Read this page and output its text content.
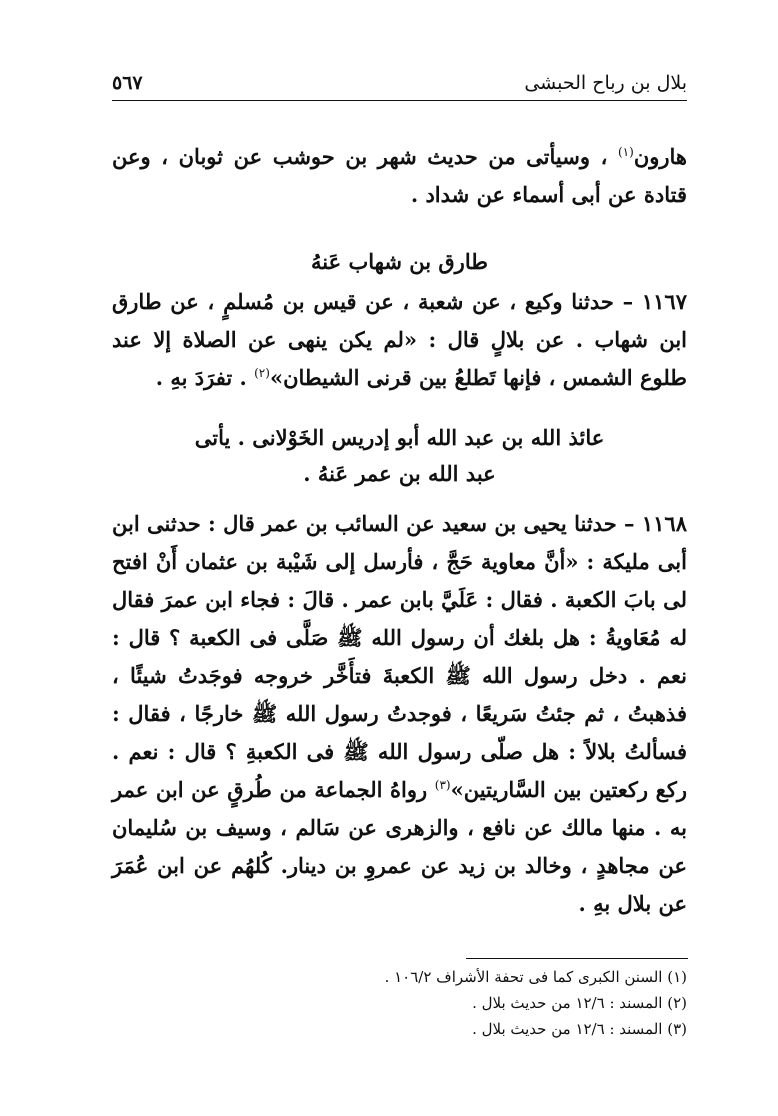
بلال بن رباح الحبشى
٥٦٧
هارون$^{(١)}$ ، وسيأتى من حديث شهر بن حوشب عن ثوبان ، وعن قتادة عن أبى أسماء عن شداد .
طارق بن شهاب عَنهُ
١١٦٧ – حدثنا وكيع ، عن شعبة ، عن قيس بن مُسلمٍ ، عن طارق ابن شهاب . عن بلالٍ قال : «لم يكن ينهى عن الصلاة إلا عند طلوع الشمس ، فإنها تَطلعُ بين قرنى الشيطان»$^{(٢)}$ . تفرَدَ بهِ .
عائذ الله بن عبد الله أبو إدريس الخَوْلانى . يأتى
عبد الله بن عمر عَنهُ .
١١٦٨ – حدثنا يحيى بن سعيد عن السائب بن عمر قال : حدثنى ابن أبى مليكة : «أنَّ معاوية حَجَّ ، فأرسل إلى شَيْبة بن عثمان أَنْ افتح لى بابَ الكعبة . فقال : عَلَيَّ بابن عمر . قالَ : فجاء ابن عمرَ فقال له مُعَاويةُ : هل بلغك أن رسول الله ﷺ صَلَّى فى الكعبة ؟ قال : نعم . دخل رسول الله ﷺ الكعبةَ فتأَخَّر خروجه فوجَدتُ شيئًا ، فذهبتُ ، ثم جئتُ سَريعًا ، فوجدتُ رسول الله ﷺ خارجًا ، فقال : فسألتُ بلالاً : هل صلّى رسول الله ﷺ فى الكعبةِ ؟ قال : نعم . ركع ركعتين بين السَّاريتين»$^{(٣)}$ رواهُ الجماعة من طُرقٍ عن ابن عمر به . منها مالك عن نافع ، والزهرى عن سَالم ، وسيف بن سُليمان عن مجاهدٍ ، وخالد بن زيد عن عمروِ بن دينار. كُلهُم عن ابن عُمَرَ عن بلال بهِ .
(١) السنن الكبرى كما فى تحفة الأشراف ١٠٦/٢ .
(٢) المسند : ١٢/٦ من حديث بلال .
(٣) المسند : ١٢/٦ من حديث بلال .
